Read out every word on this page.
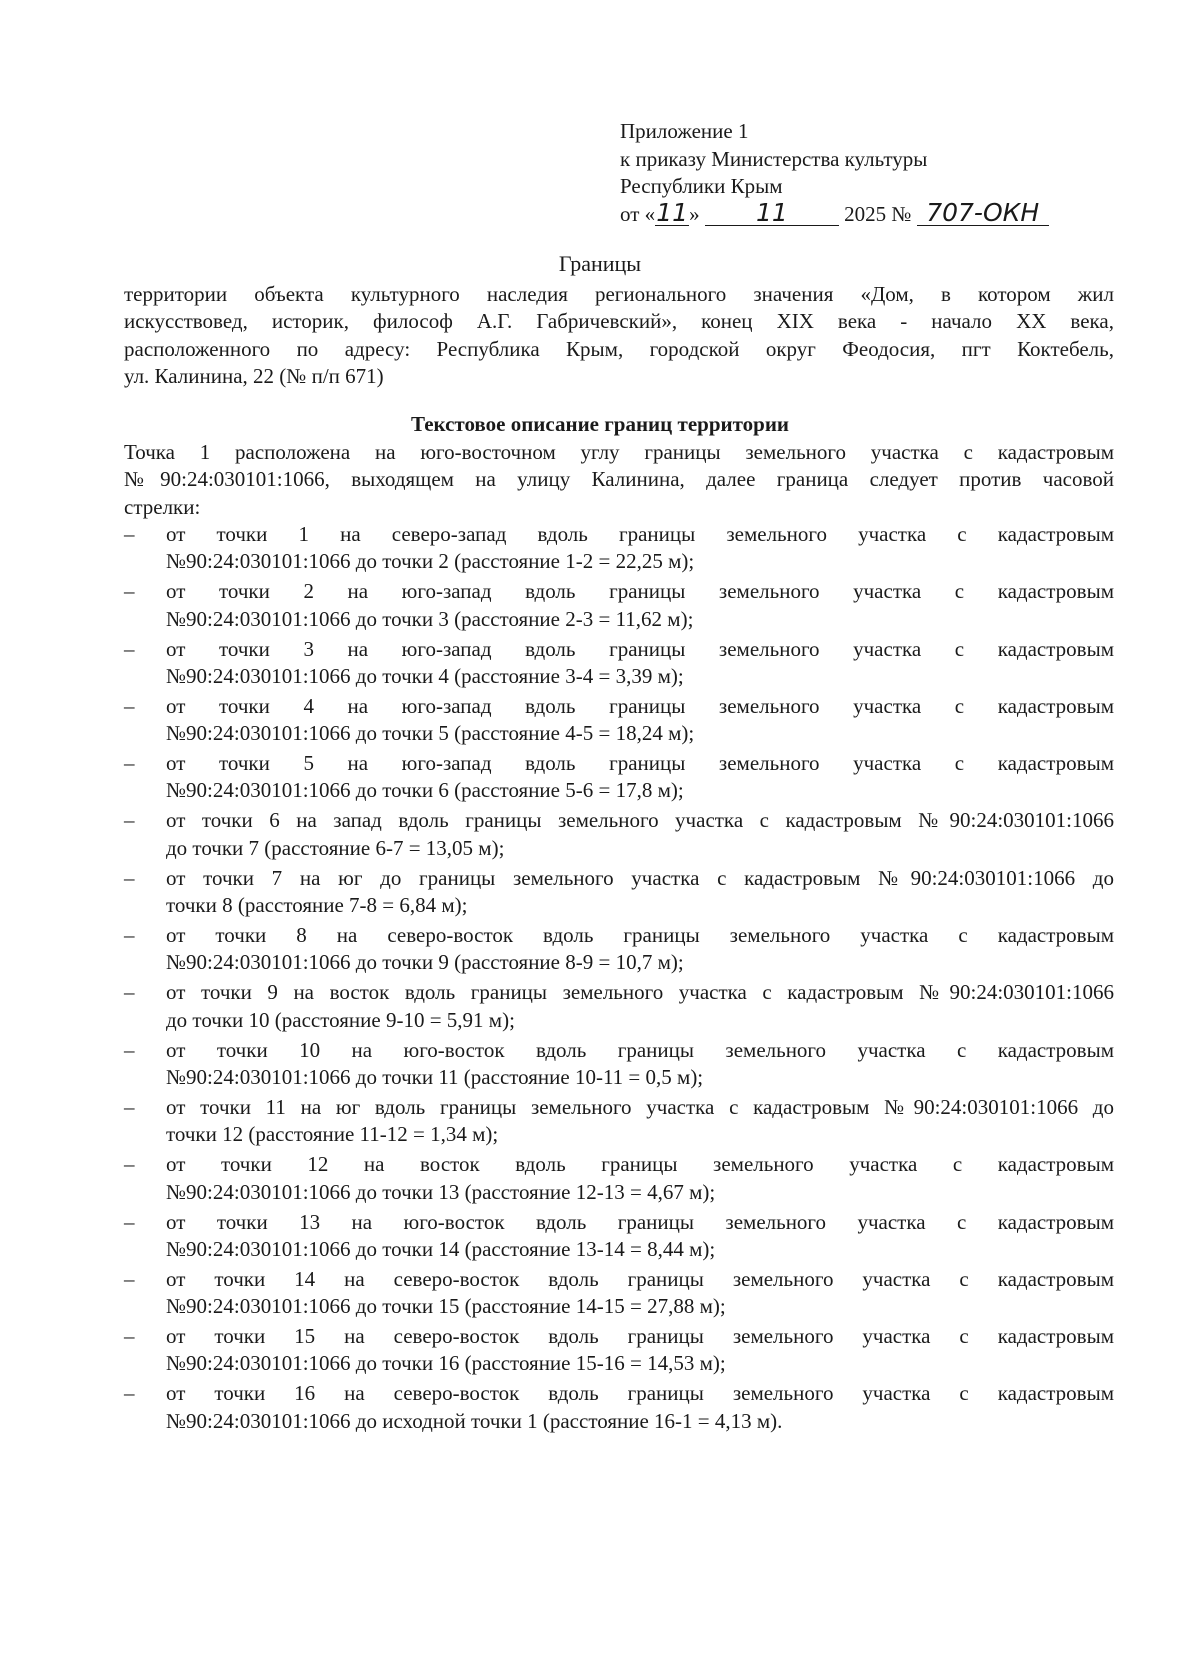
Приложение 1
к приказу Министерства культуры
Республики Крым
от «11» 11	2025 № 707-ОКН
Границы
территории объекта культурного наследия регионального значения «Дом, в котором жил
искусствовед, историк, философ А.Г. Габричевский», конец XIX века - начало XX века,
расположенного по адресу: Республика Крым, городской округ Феодосия, пгт Коктебель,
ул. Калинина, 22 (№ п/п 671)
Текстовое описание границ территории
Точка 1 расположена на юго-восточном углу границы земельного участка с кадастровым
№90:24:030101:1066, выходящем на улицу Калинина, далее граница следует против часовой
стрелки:
–	от точки 1 на северо-запад вдоль границы земельного участка с кадастровым
№90:24:030101:1066 до точки 2 (расстояние 1-2 = 22,25 м);
–	от точки 2 на юго-запад вдоль границы земельного участка с кадастровым
№90:24:030101:1066 до точки 3 (расстояние 2-3 = 11,62 м);
–	от точки 3 на юго-запад вдоль границы земельного участка с кадастровым
№90:24:030101:1066 до точки 4 (расстояние 3-4 = 3,39 м);
–	от точки 4 на юго-запад вдоль границы земельного участка с кадастровым
№90:24:030101:1066 до точки 5 (расстояние 4-5 = 18,24 м);
–	от точки 5 на юго-запад вдоль границы земельного участка с кадастровым
№90:24:030101:1066 до точки 6 (расстояние 5-6 = 17,8 м);
–	от точки 6 на запад вдоль границы земельного участка с кадастровым №90:24:030101:1066
до точки 7 (расстояние 6-7 = 13,05 м);
–	от точки 7 на юг до границы земельного участка с кадастровым №90:24:030101:1066 до
точки 8 (расстояние 7-8 = 6,84 м);
–	от точки 8 на северо-восток вдоль границы земельного участка с кадастровым
№90:24:030101:1066 до точки 9 (расстояние 8-9 = 10,7 м);
–	от точки 9 на восток вдоль границы земельного участка с кадастровым №90:24:030101:1066
до точки 10 (расстояние 9-10 = 5,91 м);
–	от точки 10 на юго-восток вдоль границы земельного участка с кадастровым
№90:24:030101:1066 до точки 11 (расстояние 10-11 = 0,5 м);
–	от точки 11 на юг вдоль границы земельного участка с кадастровым №90:24:030101:1066 до
точки 12 (расстояние 11-12 = 1,34 м);
–	от точки 12 на восток вдоль границы земельного участка с кадастровым
№90:24:030101:1066 до точки 13 (расстояние 12-13 = 4,67 м);
–	от точки 13 на юго-восток вдоль границы земельного участка с кадастровым
№90:24:030101:1066 до точки 14 (расстояние 13-14 = 8,44 м);
–	от точки 14 на северо-восток вдоль границы земельного участка с кадастровым
№90:24:030101:1066 до точки 15 (расстояние 14-15 = 27,88 м);
–	от точки 15 на северо-восток вдоль границы земельного участка с кадастровым
№90:24:030101:1066 до точки 16 (расстояние 15-16 = 14,53 м);
–	от точки 16 на северо-восток вдоль границы земельного участка с кадастровым
№90:24:030101:1066 до исходной точки 1 (расстояние 16-1 = 4,13 м).
